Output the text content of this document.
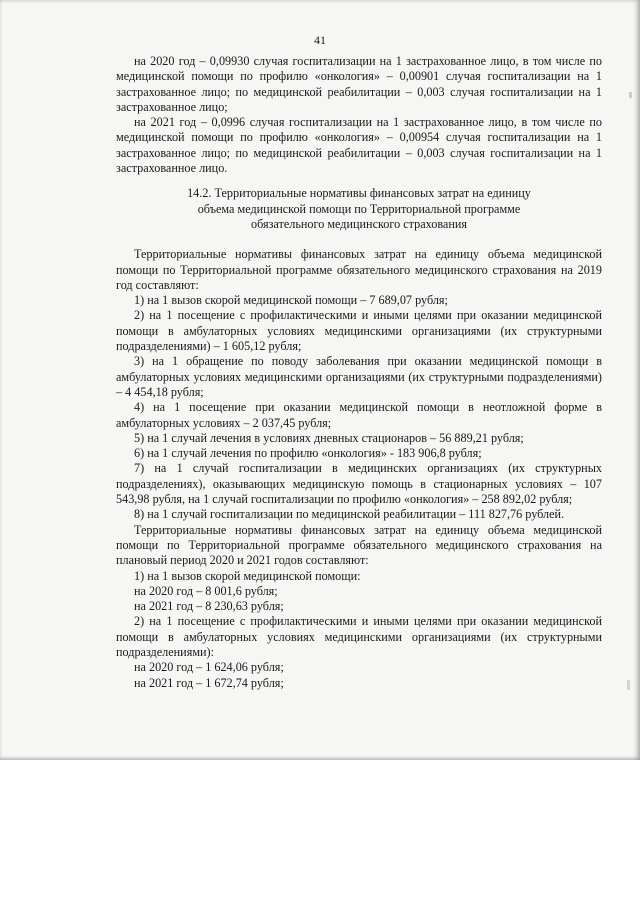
41

на 2020 год – 0,09930 случая госпитализации на 1 застрахованное лицо, в том числе по медицинской помощи по профилю «онкология» – 0,00901 случая госпитализации на 1 застрахованное лицо; по медицинской реабилитации – 0,003 случая госпитализации на 1 застрахованное лицо;

на 2021 год – 0,0996 случая госпитализации на 1 застрахованное лицо, в том числе по медицинской помощи по профилю «онкология» – 0,00954 случая госпитализации на 1 застрахованное лицо; по медицинской реабилитации – 0,003 случая госпитализации на 1 застрахованное лицо.

14.2. Территориальные нормативы финансовых затрат на единицу
объема медицинской помощи по Территориальной программе
обязательного медицинского страхования

Территориальные нормативы финансовых затрат на единицу объема медицинской помощи по Территориальной программе обязательного медицинского страхования на 2019 год составляют:

1) на 1 вызов скорой медицинской помощи – 7 689,07 рубля;

2) на 1 посещение с профилактическими и иными целями при оказании медицинской помощи в амбулаторных условиях медицинскими организациями (их структурными подразделениями) – 1 605,12 рубля;

3) на 1 обращение по поводу заболевания при оказании медицинской помощи в амбулаторных условиях медицинскими организациями (их структурными подразделениями) – 4 454,18 рубля;

4) на 1 посещение при оказании медицинской помощи в неотложной форме в амбулаторных условиях – 2 037,45 рубля;

5) на 1 случай лечения в условиях дневных стационаров – 56 889,21 рубля;

6) на 1 случай лечения по профилю «онкология» - 183 906,8 рубля;

7) на 1 случай госпитализации в медицинских организациях (их структурных подразделениях), оказывающих медицинскую помощь в стационарных условиях – 107 543,98 рубля, на 1 случай госпитализации по профилю «онкология» – 258 892,02 рубля;

8) на 1 случай госпитализации по медицинской реабилитации – 111 827,76 рублей.

Территориальные нормативы финансовых затрат на единицу объема медицинской помощи по Территориальной программе обязательного медицинского страхования на плановый период 2020 и 2021 годов составляют:

1) на 1 вызов скорой медицинской помощи:

на 2020 год – 8 001,6 рубля;

на 2021 год – 8 230,63 рубля;

2) на 1 посещение с профилактическими и иными целями при оказании медицинской помощи в амбулаторных условиях медицинскими организациями (их структурными подразделениями):

на 2020 год – 1 624,06 рубля;

на 2021 год – 1 672,74 рубля;
